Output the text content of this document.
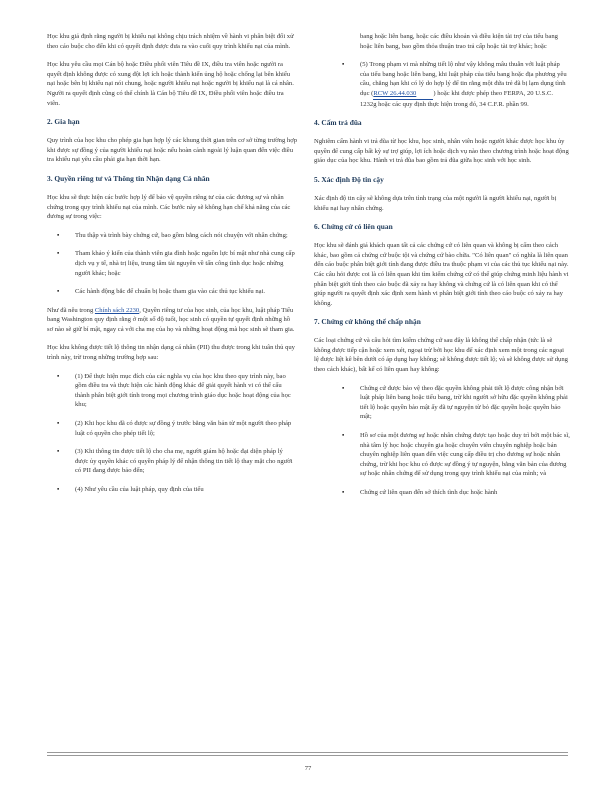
Học khu giả định rằng người bị khiếu nại không chịu trách nhiệm về hành vi phân biệt đối xử theo cáo buộc cho đến khi có quyết định được đưa ra vào cuối quy trình khiếu nại của mình.

Học khu yêu cầu mọi Cán bộ hoặc Điều phối viên Tiêu đề IX, điều tra viên hoặc người ra quyết định không được có xung đột lợi ích hoặc thành kiến ủng hộ hoặc chống lại bên khiếu nại hoặc bên bị khiếu nại nói chung, hoặc người khiếu nại hoặc người bị khiếu nại là cá nhân. Người ra quyết định cũng có thể chính là Cán bộ Tiêu đề IX, Điều phối viên hoặc điều tra viên.

2. Gia hạn

Quy trình của học khu cho phép gia hạn hợp lý các khung thời gian trên cơ sở từng trường hợp khi được sự đồng ý của người khiếu nại hoặc nếu hoàn cảnh ngoài lý luận quan đến việc điều tra khiếu nại yêu cầu phải gia hạn thời hạn.

3. Quyền riêng tư và Thông tin Nhận dạng Cá nhân

Học khu sẽ thực hiện các bước hợp lý để bảo vệ quyền riêng tư của các đương sự và nhân chứng trong quy trình khiếu nại của mình. Các bước này sẽ không hạn chế khả năng của các đương sự trong việc:

▪ Thu thập và trình bày chứng cứ, bao gồm bằng cách nói chuyện với nhân chứng;

▪ Tham khảo ý kiến của thành viên gia đình hoặc nguồn lực bí mật như nhà cung cấp dịch vụ y tế, nhà trị liệu, trung tâm tài nguyên về tấn công tình dục hoặc những người khác; hoặc

▪ Các hành động bắc để chuẩn bị hoặc tham gia vào các thủ tục khiếu nại.

Như đã nêu trong Chính sách 2230, Quyền riêng tư của học sinh, của học khu, luật pháp Tiểu bang Washington quy định rằng ở một số độ tuổi, học sinh có quyền tự quyết định những hồ sơ nào sẽ giữ bí mật, ngay cả với cha mẹ của họ và những hoạt động mà học sinh sẽ tham gia.

Học khu không được tiết lộ thông tin nhận dạng cá nhân (PII) thu được trong khi tuân thủ quy trình này, trừ trong những trường hợp sau:

▪ (1) Để thực hiện mục đích của các nghĩa vụ của học khu theo quy trình này, bao gồm điều tra và thực hiện các hành động khác để giải quyết hành vi có thể cấu thành phân biệt giới tính trong mọi chương trình giáo dục hoặc hoạt động của học khu;

▪ (2) Khi học khu đã có được sự đồng ý trước bằng văn bản từ một người theo pháp luật có quyền cho phép tiết lộ;

▪ (3) Khi thông tin được tiết lộ cho cha mẹ, người giám hộ hoặc đại diện pháp lý được ủy quyền khác có quyền pháp lý để nhận thông tin tiết lộ thay mặt cho người có PII đang được bảo đến;

▪ (4) Như yêu cầu của luật pháp, quy định của tiểu

bang hoặc liên bang, hoặc các điều khoản và điều kiện tài trợ của tiểu bang hoặc liên bang, bao gồm thỏa thuận trao trả cấp hoặc tài trợ khác; hoặc

▪ (5) Trong phạm vi mà những tiết lộ như vậy không mâu thuẫn với luật pháp của tiểu bang hoặc liên bang, khi luật pháp của tiểu bang hoặc địa phương yêu cầu, chẳng hạn khi có lý do hợp lý để tin rằng một đứa trẻ đã bị lạm dụng tình dục (RCW 26.44.030	) hoặc khi được phép theo FERPA, 20 U.S.C. 1232g hoặc các quy định thực hiện trong đó, 34 C.F.R. phần 99.

4. Cấm trả đũa

Nghiêm cấm hành vi trả đũa từ học khu, học sinh, nhân viên hoặc người khác được học khu ủy quyền để cung cấp bất kỳ sự trợ giúp, lợi ích hoặc dịch vụ nào theo chương trình hoặc hoạt động giáo dục của học khu. Hành vi trả đũa bao gồm trả đũa giữa học sinh với học sinh.

5. Xác định Độ tin cậy

Xác định độ tin cậy sẽ không dựa trên tình trạng của một người là người khiếu nại, người bị khiếu nại hay nhân chứng.

6. Chứng cứ có liên quan

Học khu sẽ đánh giá khách quan tất cả các chứng cứ có liên quan và không bị cấm theo cách khác, bao gồm cả chứng cứ buộc tội và chứng cứ bào chữa. "Có liên quan" có nghĩa là liên quan đến cáo buộc phân biệt giới tính đang được điều tra thuộc phạm vi của các thủ tục khiếu nại này. Các câu hỏi được coi là có liên quan khi tìm kiếm chứng cứ có thể giúp chứng minh liệu hành vi phân biệt giới tính theo cáo buộc đã xảy ra hay không và chứng cứ là có liên quan khi có thể giúp người ra quyết định xác định xem hành vi phân biệt giới tính theo cáo buộc có xảy ra hay không.

7. Chứng cứ không thể chấp nhận

Các loại chứng cứ và câu hỏi tìm kiếm chứng cứ sau đây là không thể chấp nhận (tức là sẽ không được tiếp cận hoặc xem xét, ngoại trừ bởi học khu để xác định xem một trong các ngoại lệ được liệt kê bên dưới có áp dụng hay không; sẽ không được tiết lộ; và sẽ không được sử dụng theo cách khác), bất kể có liên quan hay không:

▪ Chứng cứ được bảo vệ theo đặc quyền không phải tiết lộ được công nhận bởi luật pháp liên bang hoặc tiểu bang, trừ khi người sở hữu đặc quyền không phải tiết lộ hoặc quyền bảo mật ấy đã tự nguyện từ bỏ đặc quyền hoặc quyền bảo mật;

▪ Hồ sơ của một đương sự hoặc nhân chứng được tạo hoặc duy trì bởi một bác sĩ, nhà tâm lý học hoặc chuyên gia hoặc chuyên viên chuyên nghiệp hoặc bán chuyên nghiệp liên quan đến việc cung cấp điều trị cho đương sự hoặc nhân chứng, trừ khi học khu có được sự đồng ý tự nguyện, bằng văn bản của đương sự hoặc nhân chứng để sử dụng trong quy trình khiếu nại của mình; và

▪ Chứng cứ liên quan đến sở thích tình dục hoặc hành

77
